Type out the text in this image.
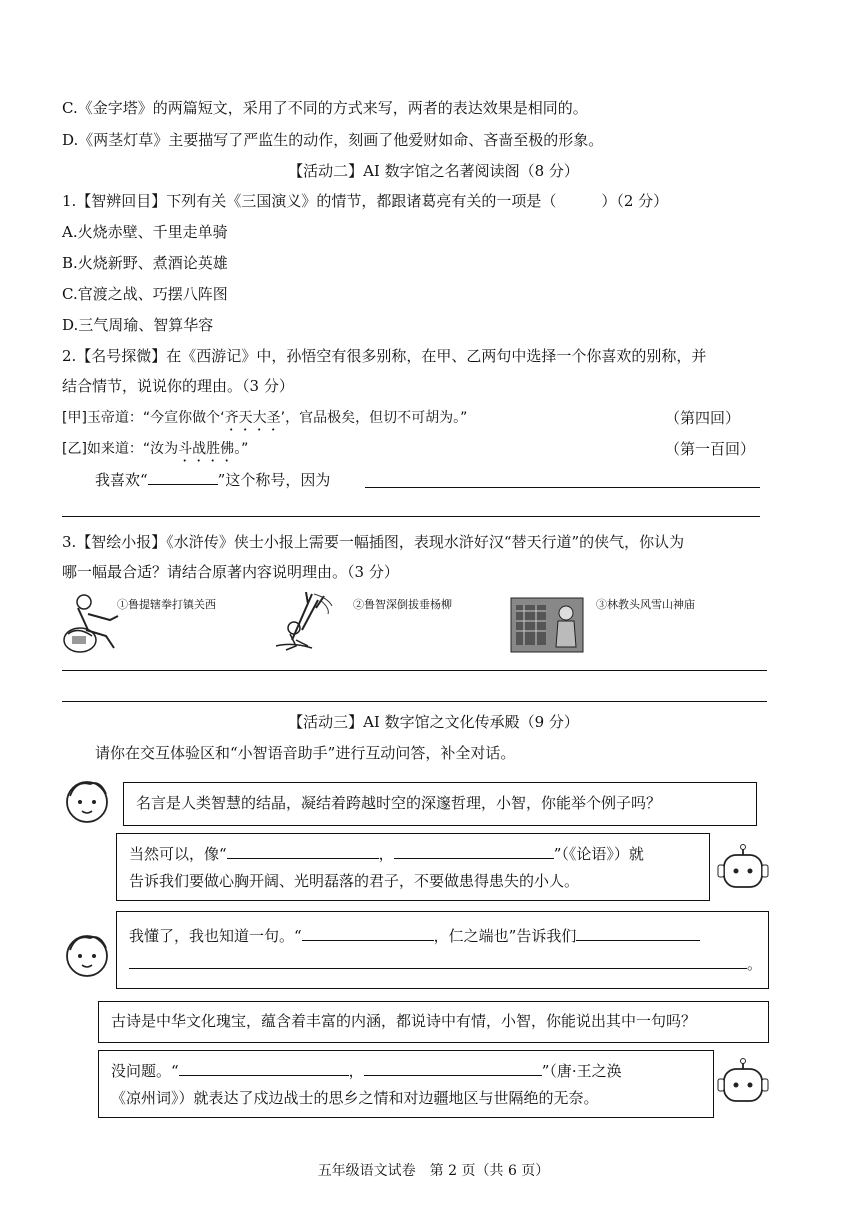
C.《金字塔》的两篇短文，采用了不同的方式来写，两者的表达效果是相同的。
D.《两茎灯草》主要描写了严监生的动作，刻画了他爱财如命、吝啬至极的形象。
【活动二】AI 数字馆之名著阅读阁（8 分）
1.【智辨回目】下列有关《三国演义》的情节，都跟诸葛亮有关的一项是（　　　）（2 分）
A.火烧赤壁、千里走单骑
B.火烧新野、煮酒论英雄
C.官渡之战、巧摆八阵图
D.三气周瑜、智算华容
2.【名号探微】在《西游记》中，孙悟空有很多别称，在甲、乙两句中选择一个你喜欢的别称，并
结合情节，说说你的理由。（3 分）
[甲]玉帝道：“今宣你做个‘齐天大圣’，官品极矣，但切不可胡为。”	（第四回）
[乙]如来道：“汝为斗战胜佛。”	（第一百回）
我喜欢“	”这个称号，因为
3.【智绘小报】《水浒传》侠士小报上需要一幅插图，表现水浒好汉“替天行道”的侠气，你认为
哪一幅最合适？请结合原著内容说明理由。（3 分）
①鲁提辖拳打镇关西	②鲁智深倒拔垂杨柳	③林教头风雪山神庙
【活动三】AI 数字馆之文化传承殿（9 分）
请你在交互体验区和“小智语音助手”进行互动问答，补全对话。
名言是人类智慧的结晶，凝结着跨越时空的深邃哲理，小智，你能举个例子吗？
当然可以，像“	，	”（《论语》）就
告诉我们要做心胸开阔、光明磊落的君子，不要做患得患失的小人。
我懂了，我也知道一句。“	，仁之端也”告诉我们
。
古诗是中华文化瑰宝，蕴含着丰富的内涵，都说诗中有情，小智，你能说出其中一句吗？
没问题。“	，	”（唐·王之涣
《凉州词》）就表达了戍边战士的思乡之情和对边疆地区与世隔绝的无奈。
五年级语文试卷　第 2 页（共 6 页）
